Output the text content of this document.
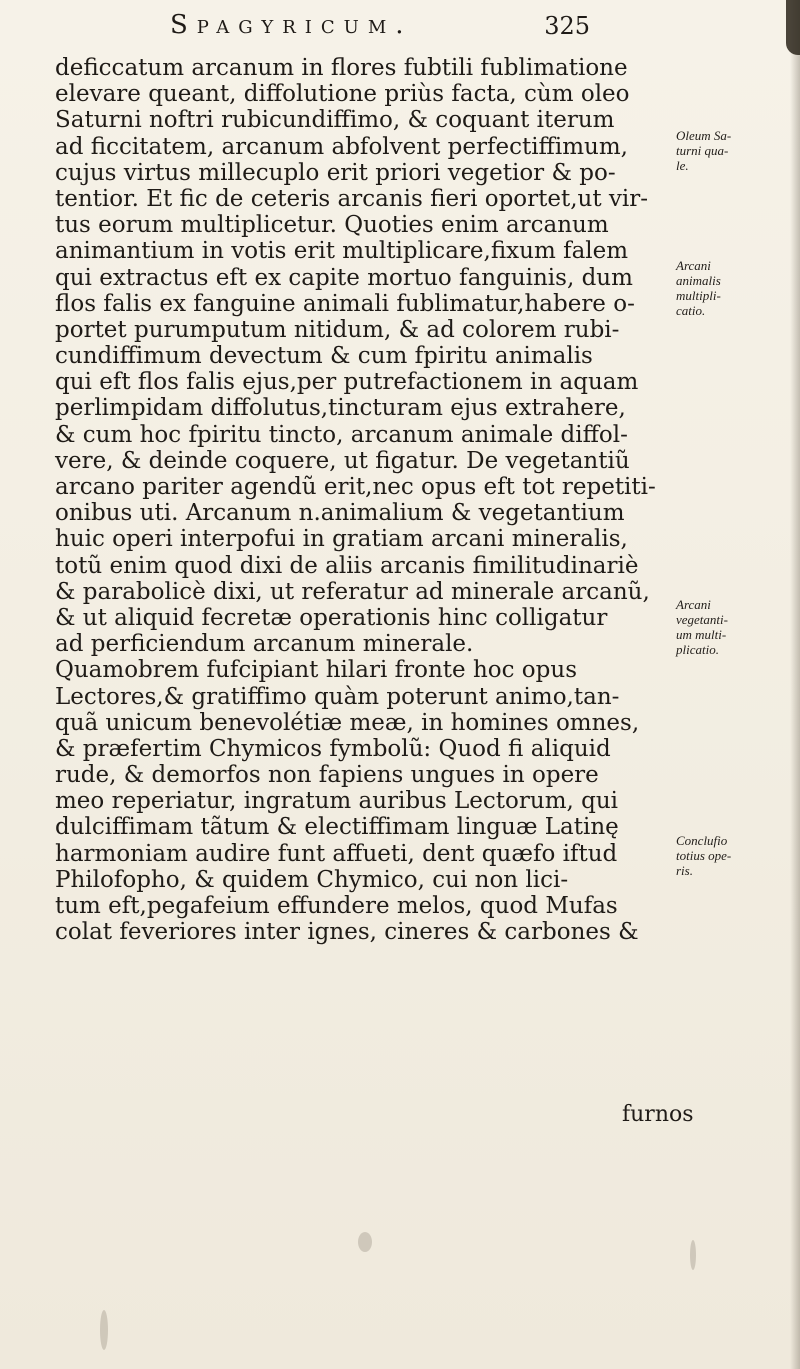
Spagyricum.	325
deficcatum arcanum in flores fubtili fublimatione
elevare queant, diffolutione priùs facta, cùm oleo
Saturni noftri rubicundiffimo, & coquant iterum
ad ficcitatem, arcanum abfolvent perfectiffimum,
cujus virtus millecuplo erit priori vegetior & po-
tentior. Et fic de ceteris arcanis fieri oportet,ut vir-
tus eorum multiplicetur. Quoties enim arcanum
animantium in votis erit multiplicare,fixum falem
qui extractus eft ex capite mortuo fanguinis, dum
flos falis ex fanguine animali fublimatur,habere o-
portet purumputum nitidum, & ad colorem rubi-
cundiffimum devectum & cum fpiritu animalis
qui eft flos falis ejus,per putrefactionem in aquam
perlimpidam diffolutus,tincturam ejus extrahere,
& cum hoc fpiritu tincto, arcanum animale diffol-
vere, & deinde coquere, ut figatur. De vegetantiũ
arcano pariter agendũ erit,nec opus eft tot repetiti-
onibus uti. Arcanum n.animalium & vegetantium
huic operi interpofui in gratiam arcani mineralis,
totũ enim quod dixi de aliis arcanis fimilitudinariè
& parabolicè dixi, ut referatur ad minerale arcanũ,
& ut aliquid fecretæ operationis hinc colligatur
ad perficiendum arcanum minerale.
Quamobrem fufcipiant hilari fronte hoc opus
Lectores,& gratiffimo quàm poterunt animo,tan-
quã unicum benevolétiæ meæ, in homines omnes,
& præfertim Chymicos fymbolũ: Quod fi aliquid
rude, & demorfos non fapiens ungues in opere
meo reperiatur, ingratum auribus Lectorum, qui
dulciffimam tãtum & electiffimam linguæ Latinę
harmoniam audire funt affueti, dent quæfo iftud
Philofopho, & quidem Chymico, cui non lici-
tum eft,pegafeium effundere melos, quod Mufas
colat feveriores inter ignes, cineres & carbones &
Oleum Sa-
turni qua-
le.
Arcani
animalis
multipli-
catio.
Arcani
vegetanti-
um multi-
plicatio.
Conclufio
totius ope-
ris.
furnos
